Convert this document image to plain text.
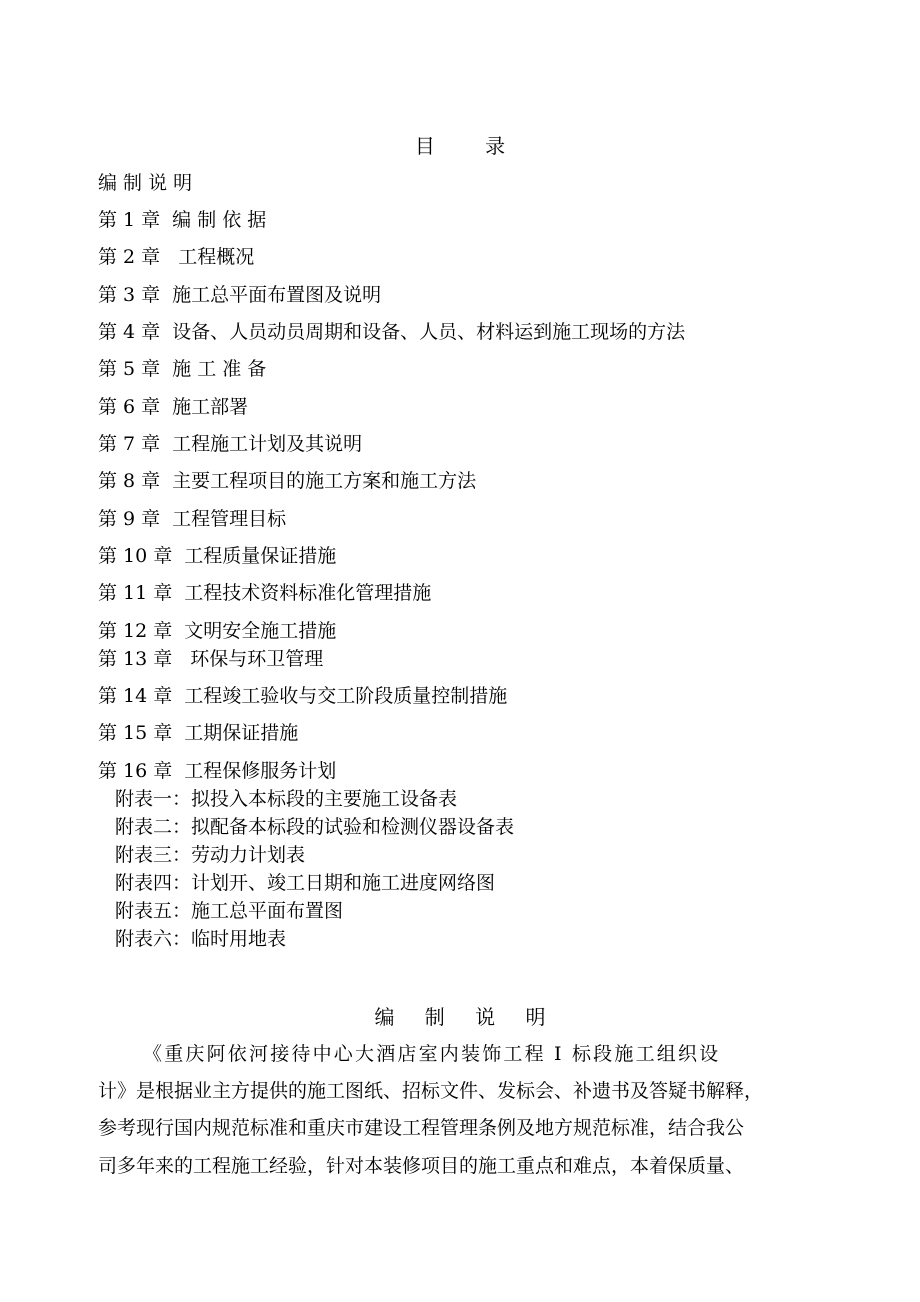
目 录
编 制 说 明
第 1 章 编 制 依 据
第 2 章 工程概况
第 3 章 施工总平面布置图及说明
第 4 章 设备、人员动员周期和设备、人员、材料运到施工现场的方法
第 5 章 施 工 准 备
第 6 章 施工部署
第 7 章 工程施工计划及其说明
第 8 章 主要工程项目的施工方案和施工方法
第 9 章 工程管理目标
第 10 章 工程质量保证措施
第 11 章 工程技术资料标准化管理措施
第 12 章 文明安全施工措施
第 13 章 环保与环卫管理
第 14 章 工程竣工验收与交工阶段质量控制措施
第 15 章 工期保证措施
第 16 章 工程保修服务计划
附表一：拟投入本标段的主要施工设备表
附表二：拟配备本标段的试验和检测仪器设备表
附表三：劳动力计划表
附表四：计划开、竣工日期和施工进度网络图
附表五：施工总平面布置图
附表六：临时用地表
编 制 说 明
《重庆阿依河接待中心大酒店室内装饰工程 I 标段施工组织设
计》是根据业主方提供的施工图纸、招标文件、发标会、补遗书及答疑书解释，
参考现行国内规范标准和重庆市建设工程管理条例及地方规范标准，结合我公
司多年来的工程施工经验，针对本装修项目的施工重点和难点，本着保质量、
